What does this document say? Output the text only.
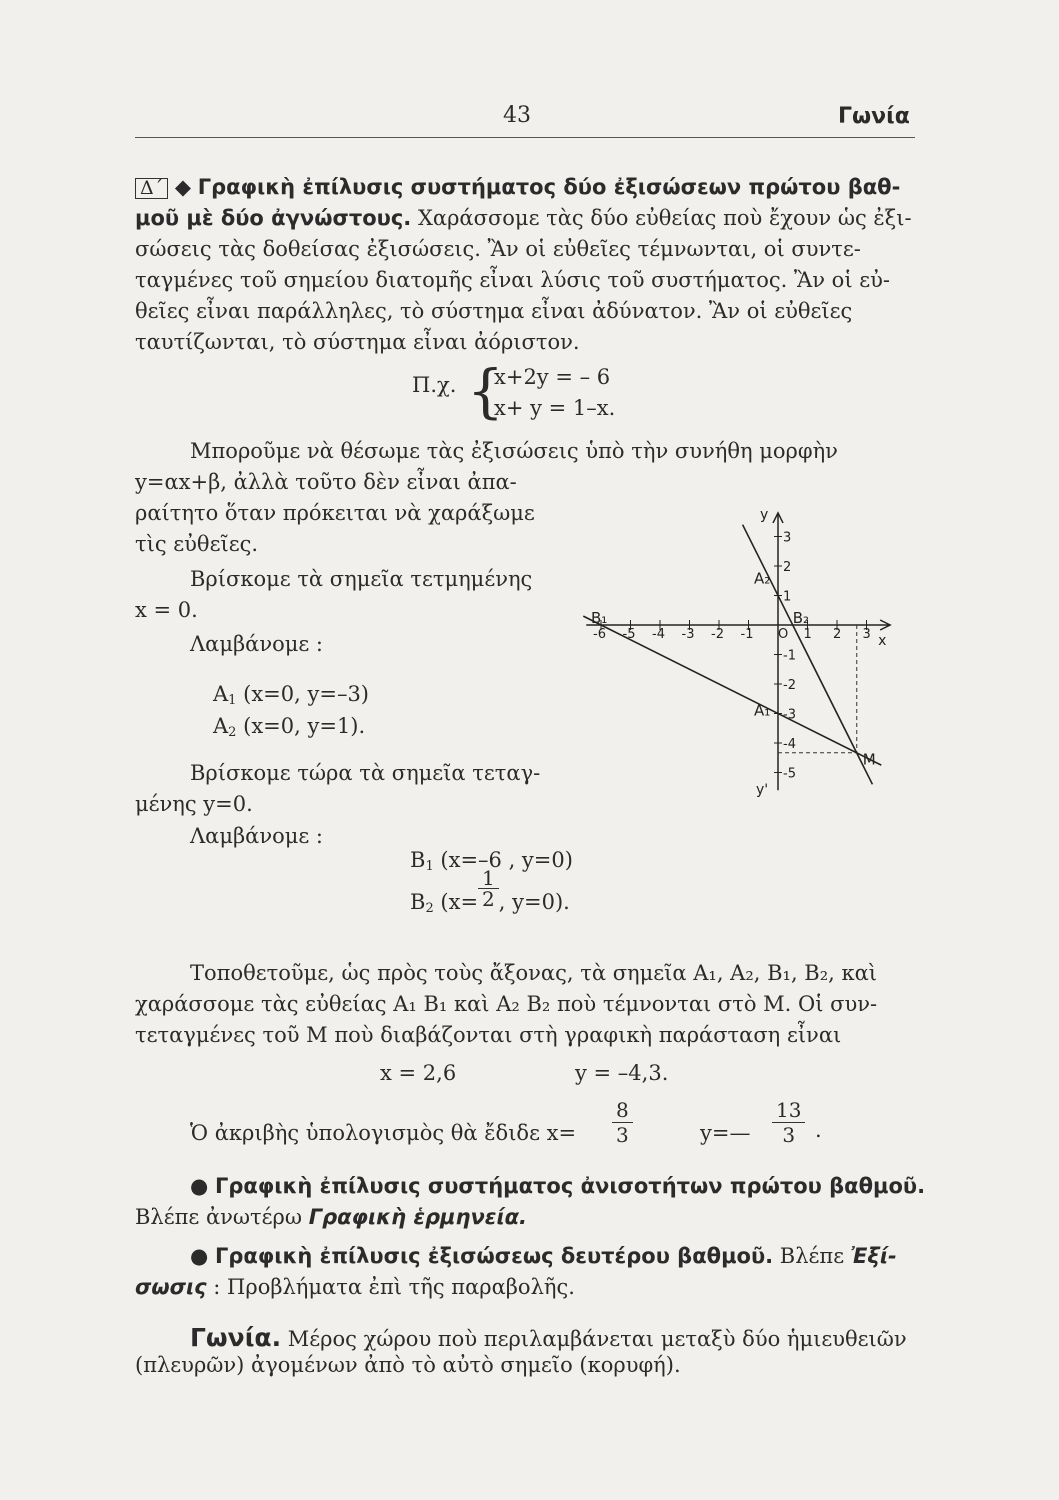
43	Γωνία
Δ΄ ◆ Γραφικὴ ἐπίλυσις συστήματος δύο ἐξισώσεων πρώτου βαθ-
μοῦ μὲ δύο ἀγνώστους. Χαράσσομε τὰς δύο εὐθείας ποὺ ἔχουν ὡς ἐξι-
σώσεις τὰς δοθείσας ἐξισώσεις. Ἂν οἱ εὐθεῖες τέμνωνται, οἱ συντε-
ταγμένες τοῦ σημείου διατομῆς εἶναι λύσις τοῦ συστήματος. Ἂν οἱ εὐ-
θεῖες εἶναι παράλληλες, τὸ σύστημα εἶναι ἀδύνατον. Ἂν οἱ εὐθεῖες
ταυτίζωνται, τὸ σύστημα εἶναι ἀόριστον.
Π.χ. {
x+2y = – 6
x+ y = 1–x.
Μποροῦμε νὰ θέσωμε τὰς ἐξισώσεις ὑπὸ τὴν συνήθη μορφὴν
y=αx+β, ἀλλὰ τοῦτο δὲν εἶναι ἀπα-
ραίτητο ὅταν πρόκειται νὰ χαράξωμε
τὶς εὐθεῖες.
Βρίσκομε τὰ σημεῖα τετμημένης
x = 0.
Λαμβάνομε :
$A_1$ (x=0, y=–3)
$A_2$ (x=0, y=1).
Βρίσκομε τώρα τὰ σημεῖα τεταγ-
μένης y=0.
Λαμβάνομε :
$B_1$ (x=–6 , y=0)
$B_2$ ($x= \frac{1}{2}$ , y=0).
Τοποθετοῦμε, ὡς πρὸς τοὺς ἄξονας, τὰ σημεῖα A₁, A₂, B₁, B₂, καὶ
χαράσσομε τὰς εὐθείας A₁ B₁ καὶ A₂ B₂ ποὺ τέμνονται στὸ M. Οἱ συν-
τεταγμένες τοῦ M ποὺ διαβάζονται στὴ γραφικὴ παράσταση εἶναι
x = 2,6	y = –4,3.
Ὁ ἀκριβὴς ὑπολογισμὸς θὰ ἔδιδε $x= \frac{8}{3}$	y=— $\frac{13}{3}$ .
● Γραφικὴ ἐπίλυσις συστήματος ἀνισοτήτων πρώτου βαθμοῦ.
Βλέπε ἀνωτέρω Γραφικὴ ἑρμηνεία.
● Γραφικὴ ἐπίλυσις ἐξισώσεως δευτέρου βαθμοῦ. Βλέπε Ἐξί-
σωσις : Προβλήματα ἐπὶ τῆς παραβολῆς.
Γωνία. Μέρος χώρου ποὺ περιλαμβάνεται μεταξὺ δύο ἡμιευθειῶν
(πλευρῶν) ἀγομένων ἀπὸ τὸ αὐτὸ σημεῖο (κορυφή).
x
y
y'
-6 -5 -4 -3 -2 -1 O 1 2 3
3
2
1
-1
-2
-3
-4
-5
A₁
A₂
B₁	B₂
M
